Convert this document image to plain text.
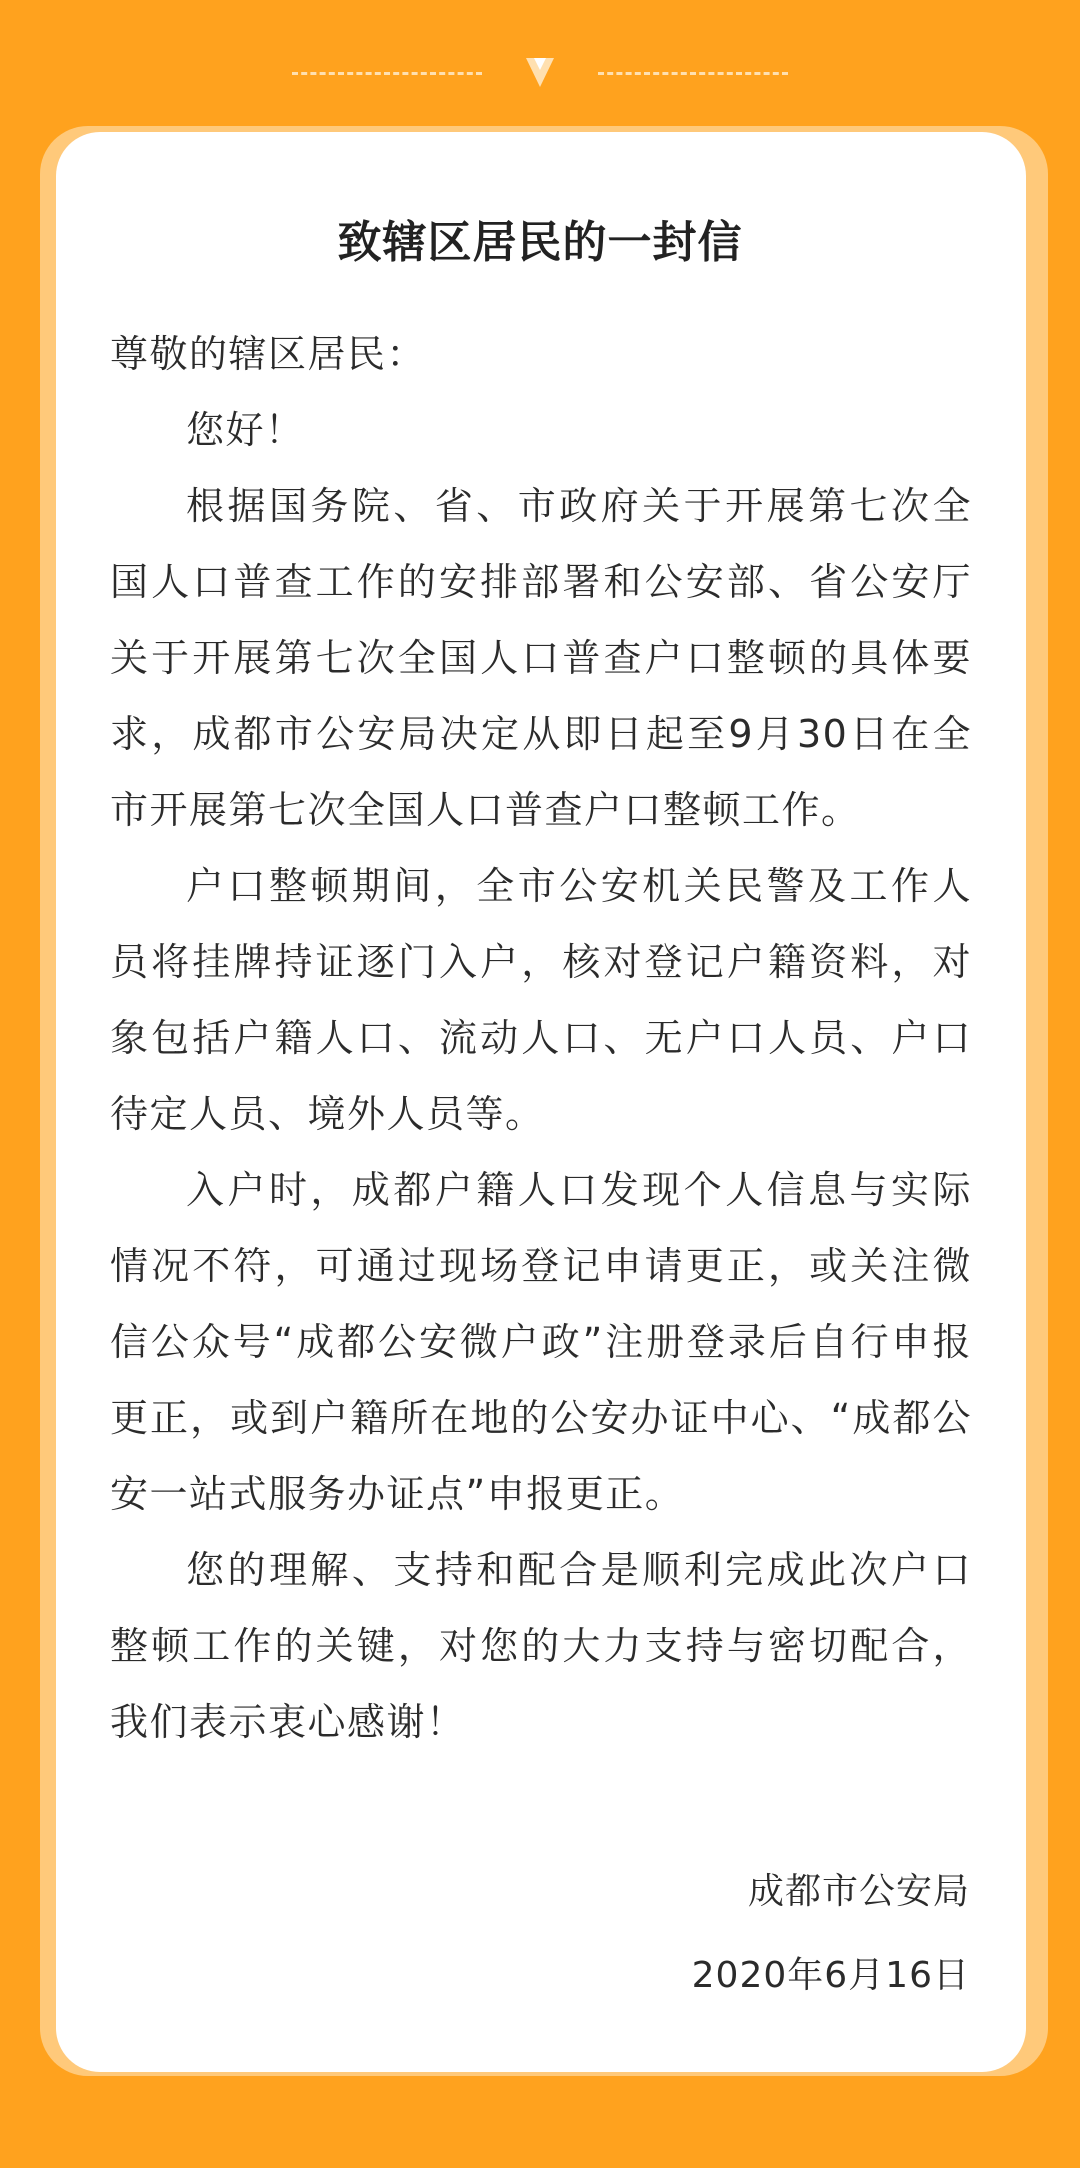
致辖区居民的一封信

尊敬的辖区居民：

您好！

根据国务院、省、市政府关于开展第七次全国人口普查工作的安排部署和公安部、省公安厅关于开展第七次全国人口普查户口整顿的具体要求，成都市公安局决定从即日起至9月30日在全市开展第七次全国人口普查户口整顿工作。

户口整顿期间，全市公安机关民警及工作人员将挂牌持证逐门入户，核对登记户籍资料，对象包括户籍人口、流动人口、无户口人员、户口待定人员、境外人员等。

入户时，成都户籍人口发现个人信息与实际情况不符，可通过现场登记申请更正，或关注微信公众号“成都公安微户政”注册登录后自行申报更正，或到户籍所在地的公安办证中心、“成都公安一站式服务办证点”申报更正。

您的理解、支持和配合是顺利完成此次户口整顿工作的关键，对您的大力支持与密切配合，我们表示衷心感谢！

成都市公安局
2020年6月16日
